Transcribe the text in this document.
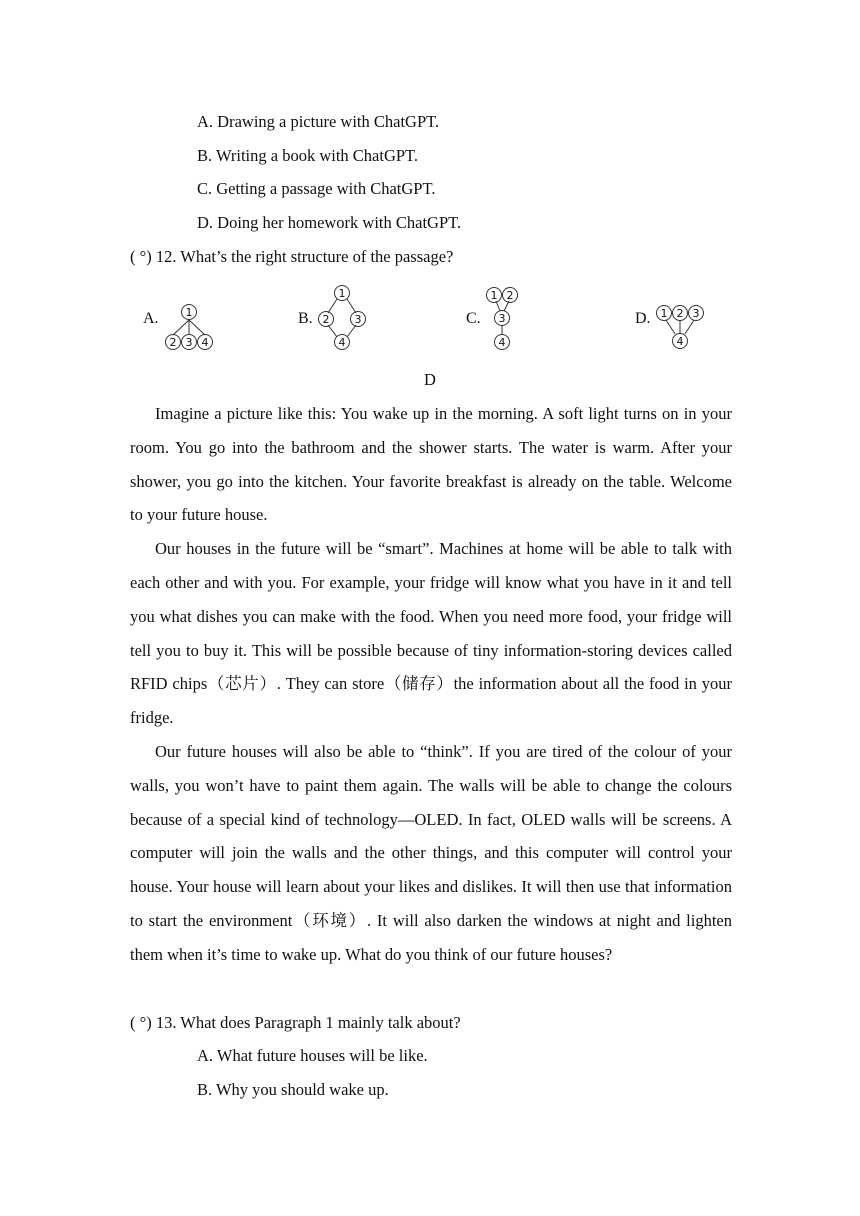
A. Drawing a picture with ChatGPT.
B. Writing a book with ChatGPT.
C. Getting a passage with ChatGPT.
D. Doing her homework with ChatGPT.
( °) 12. What’s the right structure of the passage?
A. 1
2 3 4
B.
1
2 3
4
C.
1 2
3
4
D. 1 2 3
4
D

Imagine a picture like this: You wake up in the morning. A soft light turns on in your room. You go into the bathroom and the shower starts. The water is warm. After your shower, you go into the kitchen. Your favorite breakfast is already on the table. Welcome to your future house.

Our houses in the future will be “smart”. Machines at home will be able to talk with each other and with you. For example, your fridge will know what you have in it and tell you what dishes you can make with the food. When you need more food, your fridge will tell you to buy it. This will be possible because of tiny information-storing devices called RFID chips（芯片）. They can store（储存）the information about all the food in your fridge.

Our future houses will also be able to “think”. If you are tired of the colour of your walls, you won’t have to paint them again. The walls will be able to change the colours because of a special kind of technology—OLED. In fact, OLED walls will be screens. A computer will join the walls and the other things, and this computer will control your house. Your house will learn about your likes and dislikes. It will then use that information to start the environment（环境）. It will also darken the windows at night and lighten them when it’s time to wake up. What do you think of our future houses?

( °) 13. What does Paragraph 1 mainly talk about?
A. What future houses will be like.
B. Why you should wake up.
